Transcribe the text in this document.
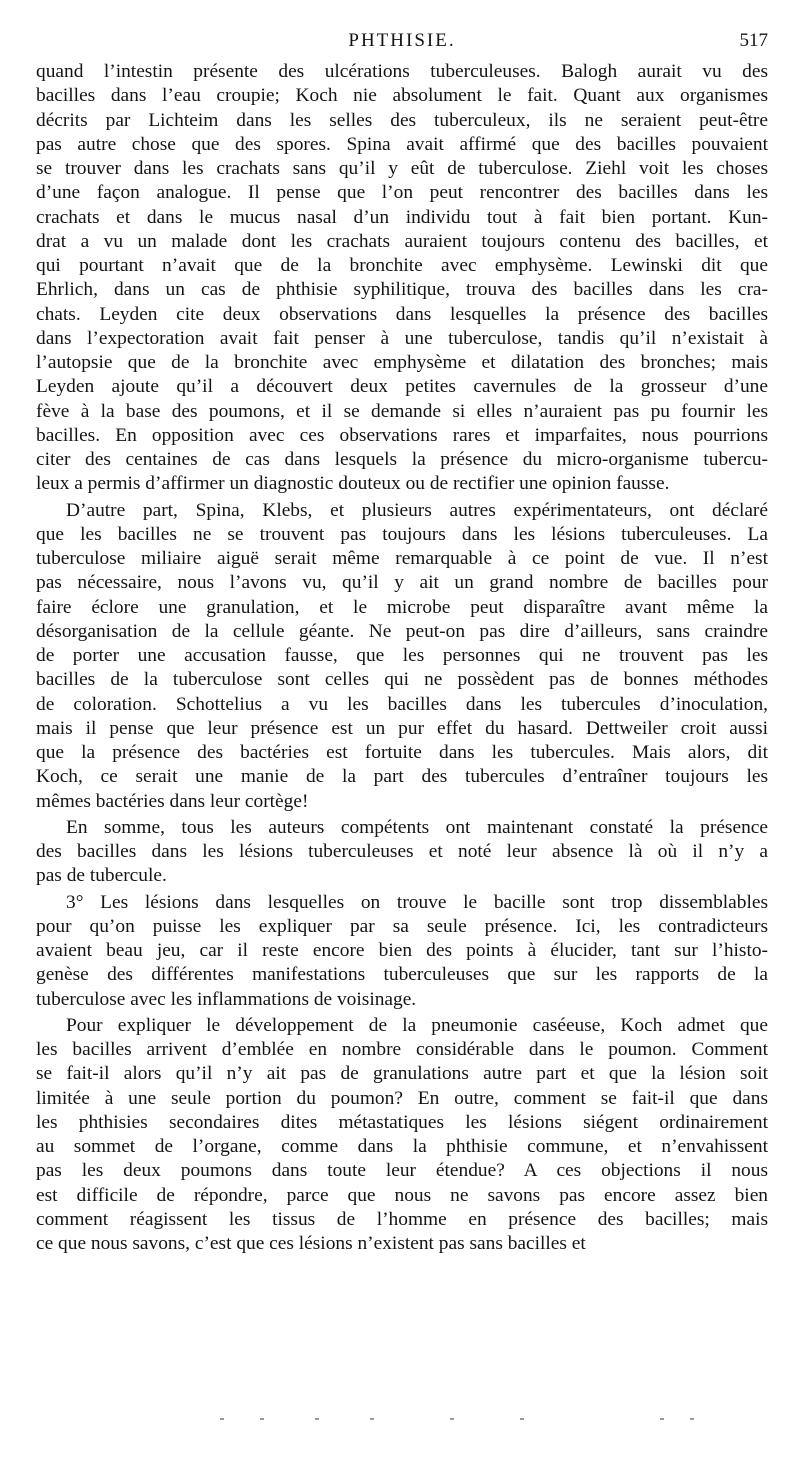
PHTHISIE.	517
quand l’intestin présente des ulcérations tuberculeuses. Balogh aurait vu des
bacilles dans l’eau croupie; Koch nie absolument le fait. Quant aux organismes
décrits par Lichteim dans les selles des tuberculeux, ils ne seraient peut-être
pas autre chose que des spores. Spina avait affirmé que des bacilles pouvaient
se trouver dans les crachats sans qu’il y eût de tuberculose. Ziehl voit les choses
d’une façon analogue. Il pense que l’on peut rencontrer des bacilles dans les
crachats et dans le mucus nasal d’un individu tout à fait bien portant. Kun-
drat a vu un malade dont les crachats auraient toujours contenu des bacilles, et
qui pourtant n’avait que de la bronchite avec emphysème. Lewinski dit que
Ehrlich, dans un cas de phthisie syphilitique, trouva des bacilles dans les cra-
chats. Leyden cite deux observations dans lesquelles la présence des bacilles
dans l’expectoration avait fait penser à une tuberculose, tandis qu’il n’existait à
l’autopsie que de la bronchite avec emphysème et dilatation des bronches; mais
Leyden ajoute qu’il a découvert deux petites cavernules de la grosseur d’une
fève à la base des poumons, et il se demande si elles n’auraient pas pu fournir les
bacilles. En opposition avec ces observations rares et imparfaites, nous pourrions
citer des centaines de cas dans lesquels la présence du micro-organisme tubercu-
leux a permis d’affirmer un diagnostic douteux ou de rectifier une opinion fausse.
D’autre part, Spina, Klebs, et plusieurs autres expérimentateurs, ont déclaré
que les bacilles ne se trouvent pas toujours dans les lésions tuberculeuses. La
tuberculose miliaire aiguë serait même remarquable à ce point de vue. Il n’est
pas nécessaire, nous l’avons vu, qu’il y ait un grand nombre de bacilles pour
faire éclore une granulation, et le microbe peut disparaître avant même la
désorganisation de la cellule géante. Ne peut-on pas dire d’ailleurs, sans craindre
de porter une accusation fausse, que les personnes qui ne trouvent pas les
bacilles de la tuberculose sont celles qui ne possèdent pas de bonnes méthodes
de coloration. Schottelius a vu les bacilles dans les tubercules d’inoculation,
mais il pense que leur présence est un pur effet du hasard. Dettweiler croit aussi
que la présence des bactéries est fortuite dans les tubercules. Mais alors, dit
Koch, ce serait une manie de la part des tubercules d’entraîner toujours les
mêmes bactéries dans leur cortège!
En somme, tous les auteurs compétents ont maintenant constaté la présence
des bacilles dans les lésions tuberculeuses et noté leur absence là où il n’y a
pas de tubercule.
3° Les lésions dans lesquelles on trouve le bacille sont trop dissemblables
pour qu’on puisse les expliquer par sa seule présence. Ici, les contradicteurs
avaient beau jeu, car il reste encore bien des points à élucider, tant sur l’histo-
genèse des différentes manifestations tuberculeuses que sur les rapports de la
tuberculose avec les inflammations de voisinage.
Pour expliquer le développement de la pneumonie caséeuse, Koch admet que
les bacilles arrivent d’emblée en nombre considérable dans le poumon. Comment
se fait-il alors qu’il n’y ait pas de granulations autre part et que la lésion soit
limitée à une seule portion du poumon? En outre, comment se fait-il que dans
les phthisies secondaires dites métastatiques les lésions siégent ordinairement
au sommet de l’organe, comme dans la phthisie commune, et n’envahissent
pas les deux poumons dans toute leur étendue? A ces objections il nous
est difficile de répondre, parce que nous ne savons pas encore assez bien
comment réagissent les tissus de l’homme en présence des bacilles; mais
ce que nous savons, c’est que ces lésions n’existent pas sans bacilles et
